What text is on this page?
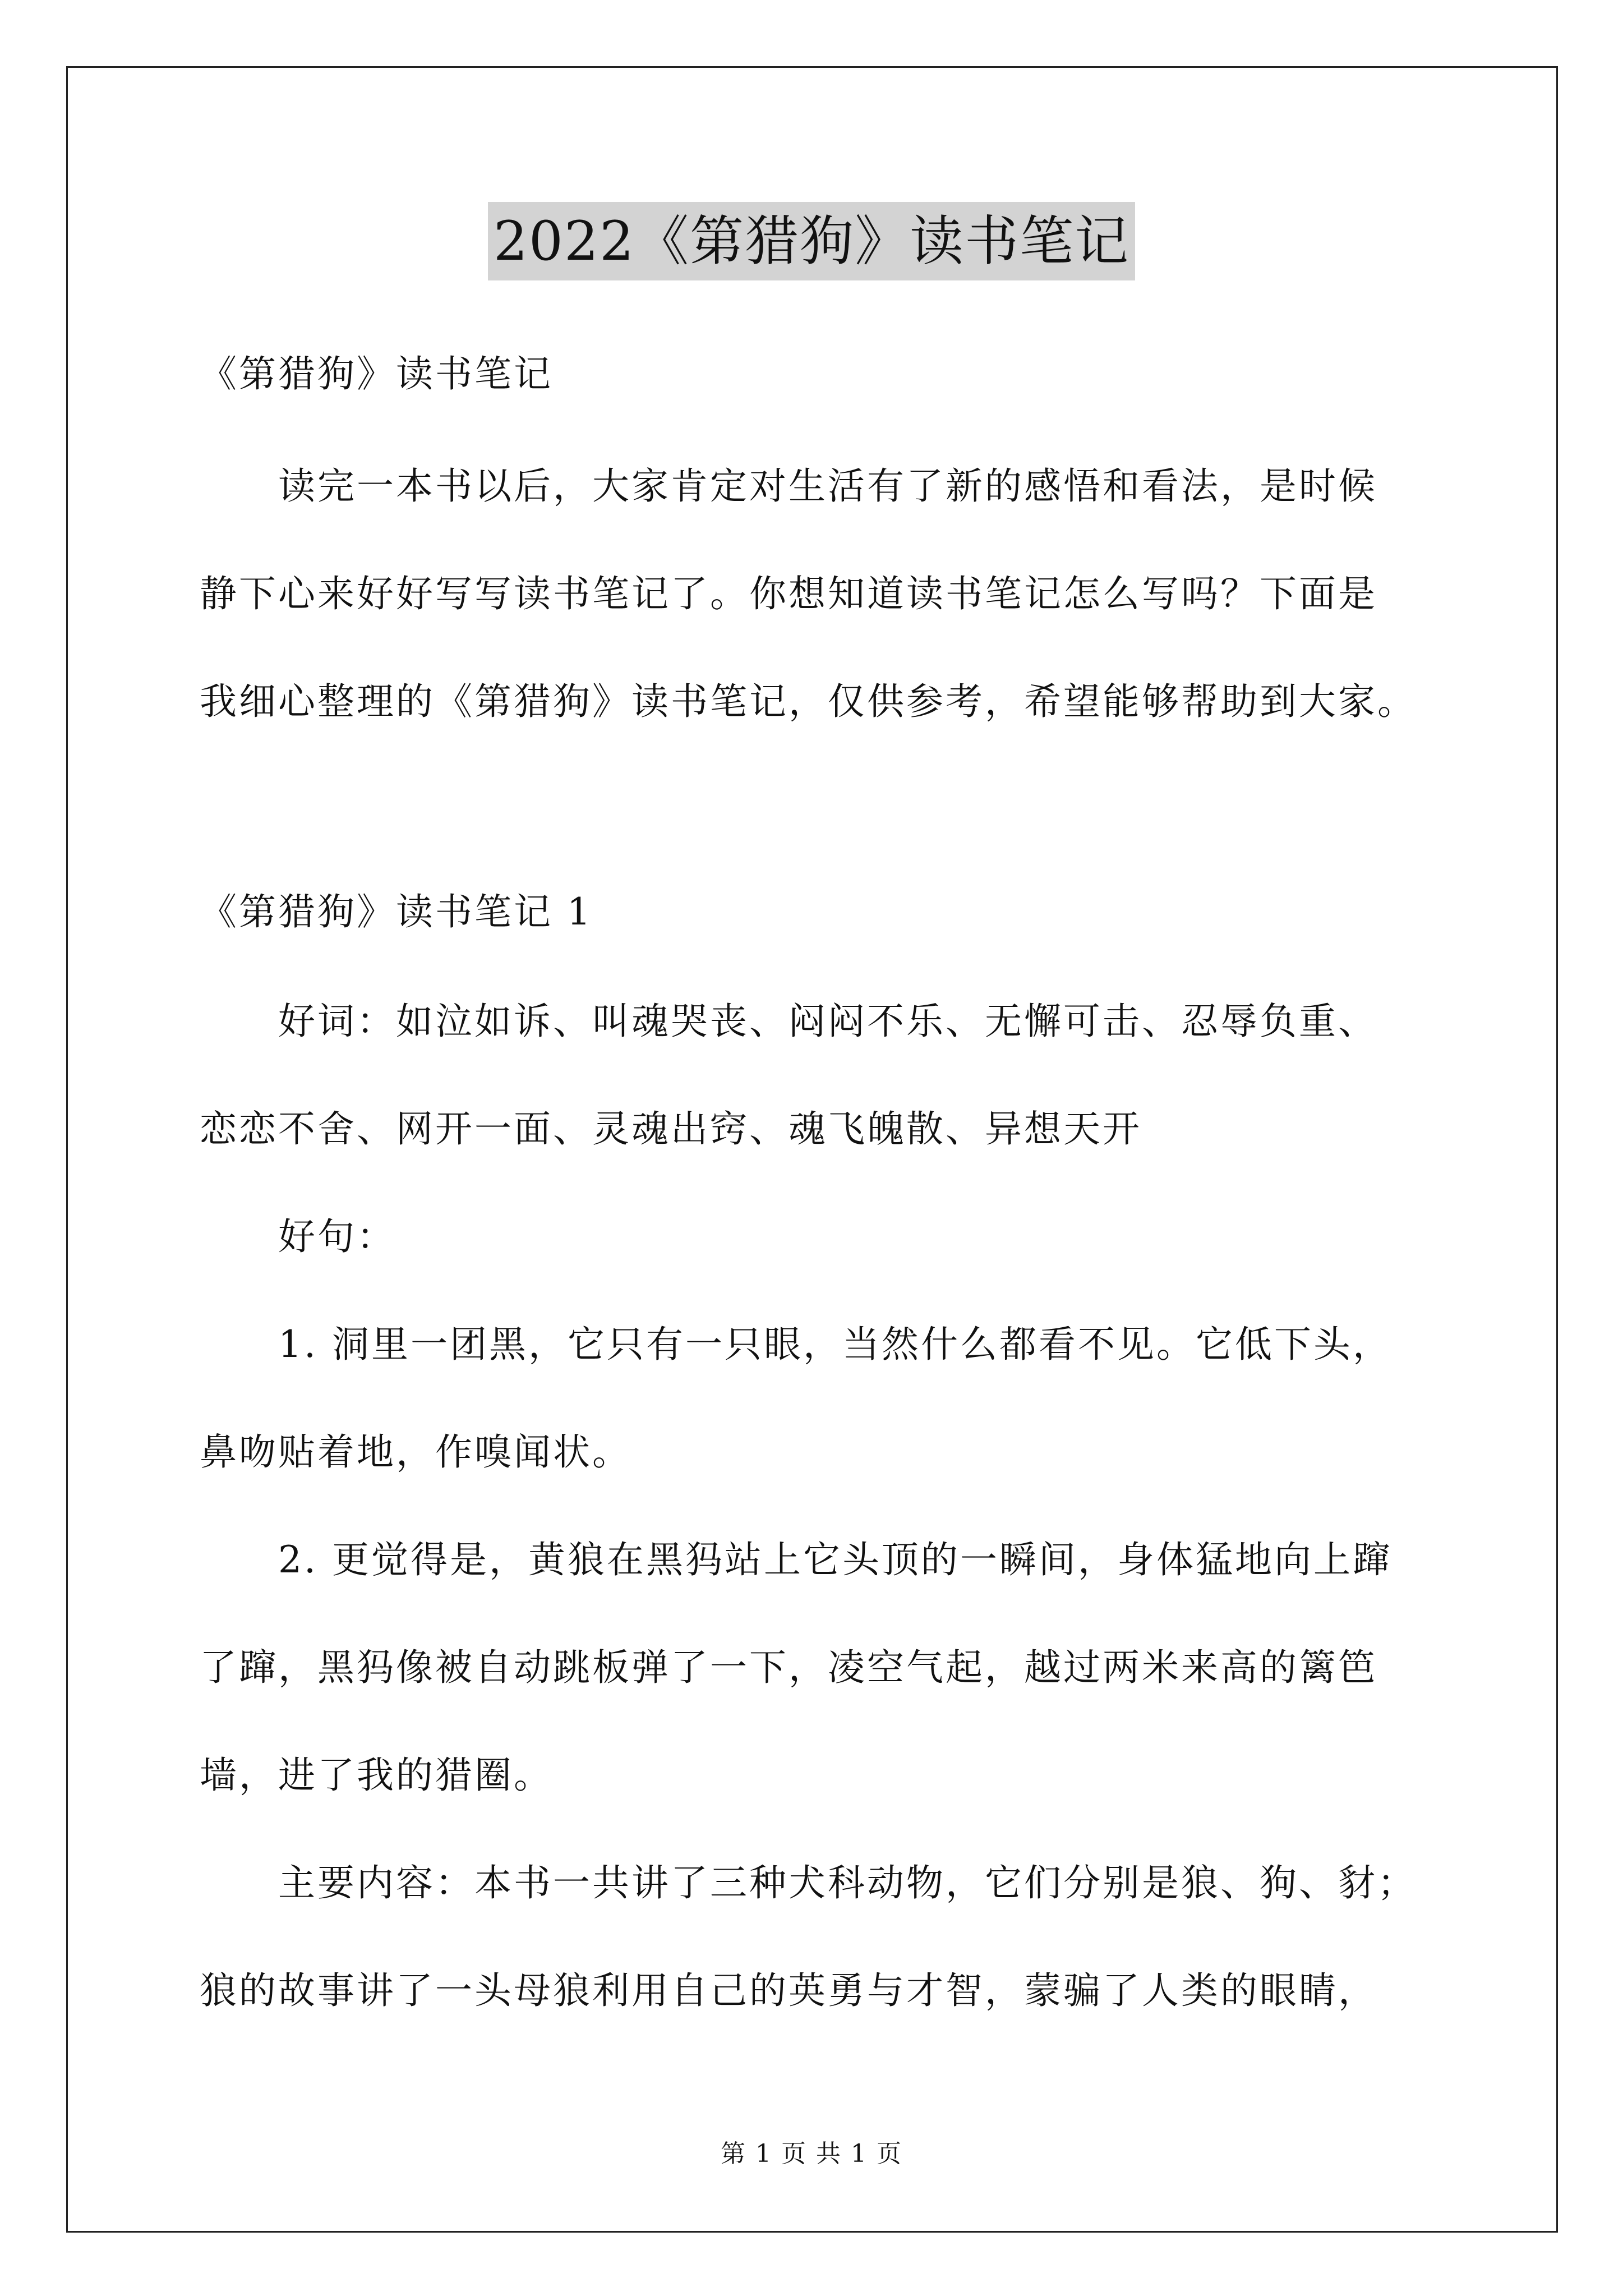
2022《第猎狗》读书笔记
《第猎狗》读书笔记
读完一本书以后，大家肯定对生活有了新的感悟和看法，是时候
静下心来好好写写读书笔记了。你想知道读书笔记怎么写吗？下面是
我细心整理的《第猎狗》读书笔记，仅供参考，希望能够帮助到大家。
《第猎狗》读书笔记 1
好词：如泣如诉、叫魂哭丧、闷闷不乐、无懈可击、忍辱负重、
恋恋不舍、网开一面、灵魂出窍、魂飞魄散、异想天开
好句：
1. 洞里一团黑，它只有一只眼，当然什么都看不见。它低下头，
鼻吻贴着地，作嗅闻状。
2. 更觉得是，黄狼在黑犸站上它头顶的一瞬间，身体猛地向上蹿
了蹿，黑犸像被自动跳板弹了一下，凌空气起，越过两米来高的篱笆
墙，进了我的猎圈。
主要内容：本书一共讲了三种犬科动物，它们分别是狼、狗、豺；
狼的故事讲了一头母狼利用自己的英勇与才智，蒙骗了人类的眼睛，
第 1 页 共 1 页
